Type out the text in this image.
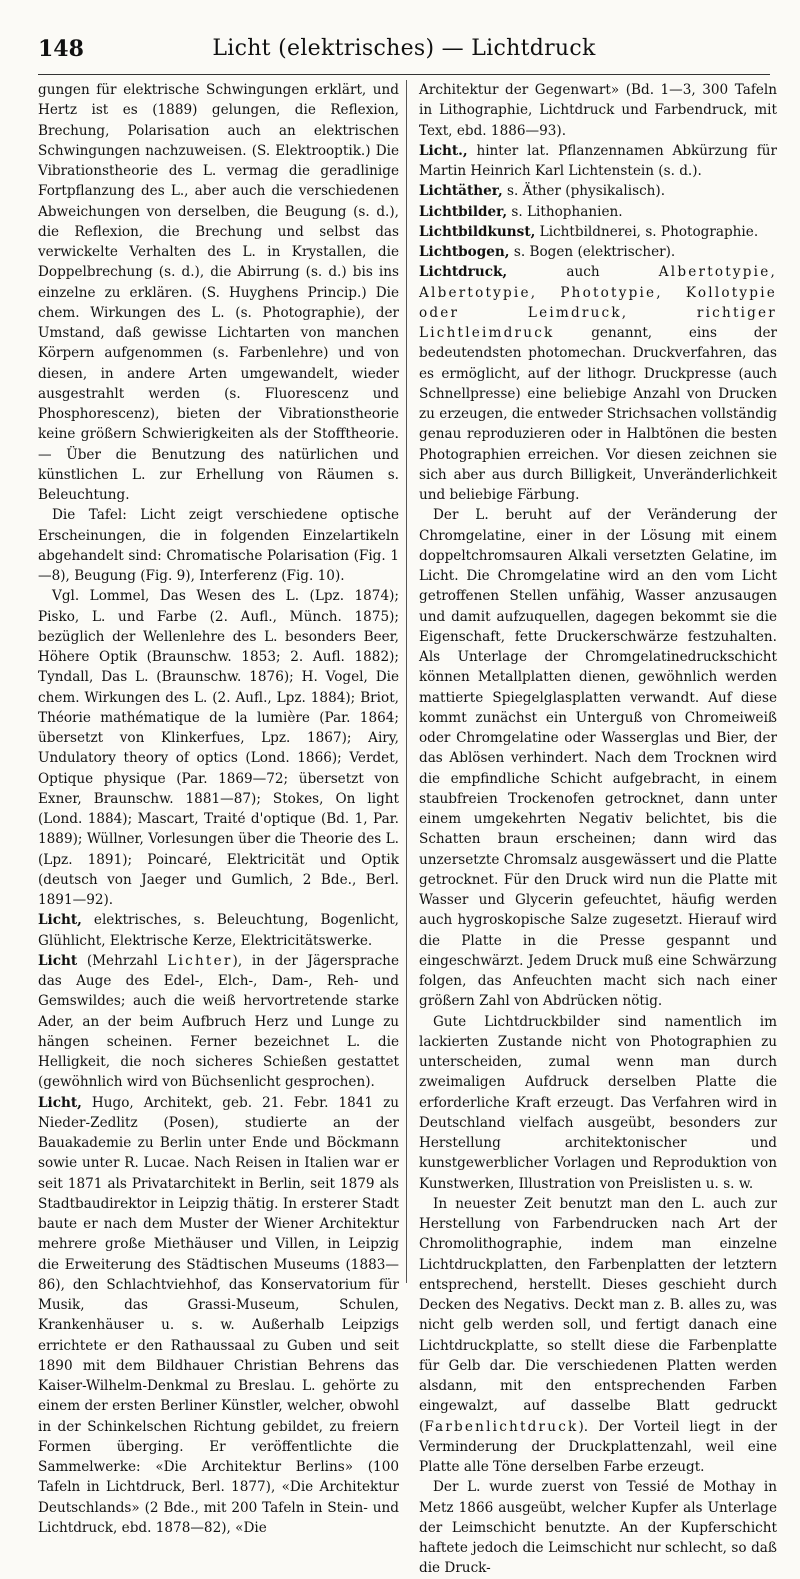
148	Licht (elektrisches) — Lichtdruck

gungen für elektrische Schwingungen erklärt, und Hertz ist es (1889) gelungen, die Reflexion, Brechung, Polarisation auch an elektrischen Schwingungen nachzuweisen. (S. Elektrooptik.) Die Vibrationstheorie des L. vermag die geradlinige Fortpflanzung des L., aber auch die verschiedenen Abweichungen von derselben, die Beugung (s. d.), die Reflexion, die Brechung und selbst das verwickelte Verhalten des L. in Krystallen, die Doppelbrechung (s. d.), die Abirrung (s. d.) bis ins einzelne zu erklären. (S. Huyghens Princip.) Die chem. Wirkungen des L. (s. Photographie), der Umstand, daß gewisse Lichtarten von manchen Körpern aufgenommen (s. Farbenlehre) und von diesen, in andere Arten umgewandelt, wieder ausgestrahlt werden (s. Fluorescenz und Phosphorescenz), bieten der Vibrationstheorie keine größern Schwierigkeiten als der Stofftheorie.— Über die Benutzung des natürlichen und künstlichen L. zur Erhellung von Räumen s. Beleuchtung.

Die Tafel: Licht zeigt verschiedene optische Erscheinungen, die in folgenden Einzelartikeln abgehandelt sind: Chromatische Polarisation (Fig. 1—8), Beugung (Fig. 9), Interferenz (Fig. 10).

Vgl. Lommel, Das Wesen des L. (Lpz. 1874); Pisko, L. und Farbe (2. Aufl., Münch. 1875); bezüglich der Wellenlehre des L. besonders Beer, Höhere Optik (Braunschw. 1853; 2. Aufl. 1882); Tyndall, Das L. (Braunschw. 1876); H. Vogel, Die chem. Wirkungen des L. (2. Aufl., Lpz. 1884); Briot, Théorie mathématique de la lumière (Par. 1864; übersetzt von Klinkerfues, Lpz. 1867); Airy, Undulatory theory of optics (Lond. 1866); Verdet, Optique physique (Par. 1869—72; übersetzt von Exner, Braunschw. 1881—87); Stokes, On light (Lond. 1884); Mascart, Traité d'optique (Bd. 1, Par. 1889); Wüllner, Vorlesungen über die Theorie des L. (Lpz. 1891); Poincaré, Elektricität und Optik (deutsch von Jaeger und Gumlich, 2 Bde., Berl. 1891—92).

Licht, elektrisches, s. Beleuchtung, Bogenlicht, Glühlicht, Elektrische Kerze, Elektricitätswerke.

Licht (Mehrzahl Lichter), in der Jägersprache das Auge des Edel-, Elch-, Dam-, Reh- und Gemswildes; auch die weiß hervortretende starke Ader, an der beim Aufbruch Herz und Lunge zu hängen scheinen. Ferner bezeichnet L. die Helligkeit, die noch sicheres Schießen gestattet (gewöhnlich wird von Büchsenlicht gesprochen).

Licht, Hugo, Architekt, geb. 21. Febr. 1841 zu Nieder-Zedlitz (Posen), studierte an der Bauakademie zu Berlin unter Ende und Böckmann sowie unter R. Lucae. Nach Reisen in Italien war er seit 1871 als Privatarchitekt in Berlin, seit 1879 als Stadtbaudirektor in Leipzig thätig. In ersterer Stadt baute er nach dem Muster der Wiener Architektur mehrere große Miethäuser und Villen, in Leipzig die Erweiterung des Städtischen Museums (1883—86), den Schlachtviehhof, das Konservatorium für Musik, das Grassi-Museum, Schulen, Krankenhäuser u. s. w. Außerhalb Leipzigs errichtete er den Rathaussaal zu Guben und seit 1890 mit dem Bildhauer Christian Behrens das Kaiser-Wilhelm-Denkmal zu Breslau. L. gehörte zu einem der ersten Berliner Künstler, welcher, obwohl in der Schinkelschen Richtung gebildet, zu freiern Formen überging. Er veröffentlichte die Sammelwerke: «Die Architektur Berlins» (100 Tafeln in Lichtdruck, Berl. 1877), «Die Architektur Deutschlands» (2 Bde., mit 200 Tafeln in Stein- und Lichtdruck, ebd. 1878—82), «Die

Architektur der Gegenwart» (Bd. 1—3, 300 Tafeln in Lithographie, Lichtdruck und Farbendruck, mit Text, ebd. 1886—93).

Licht., hinter lat. Pflanzennamen Abkürzung für Martin Heinrich Karl Lichtenstein (s. d.).

Lichtäther, s. Äther (physikalisch).

Lichtbilder, s. Lithophanien.

Lichtbildkunst, Lichtbildnerei, s. Photographie.

Lichtbogen, s. Bogen (elektrischer).

Lichtdruck, auch Albertotypie, Albertotypie, Phototypie, Kollotypie oder Leimdruck, richtiger Lichtleimdruck genannt, eins der bedeutendsten photomechan. Druckverfahren, das es ermöglicht, auf der lithogr. Druckpresse (auch Schnellpresse) eine beliebige Anzahl von Drucken zu erzeugen, die entweder Strichsachen vollständig genau reproduzieren oder in Halbtönen die besten Photographien erreichen. Vor diesen zeichnen sie sich aber aus durch Billigkeit, Unveränderlichkeit und beliebige Färbung.

Der L. beruht auf der Veränderung der Chromgelatine, einer in der Lösung mit einem doppeltchromsauren Alkali versetzten Gelatine, im Licht. Die Chromgelatine wird an den vom Licht getroffenen Stellen unfähig, Wasser anzusaugen und damit aufzuquellen, dagegen bekommt sie die Eigenschaft, fette Druckerschwärze festzuhalten. Als Unterlage der Chromgelatinedruckschicht können Metallplatten dienen, gewöhnlich werden mattierte Spiegelglasplatten verwandt. Auf diese kommt zunächst ein Unterguß von Chromeiweiß oder Chromgelatine oder Wasserglas und Bier, der das Ablösen verhindert. Nach dem Trocknen wird die empfindliche Schicht aufgebracht, in einem staubfreien Trockenofen getrocknet, dann unter einem umgekehrten Negativ belichtet, bis die Schatten braun erscheinen; dann wird das unzersetzte Chromsalz ausgewässert und die Platte getrocknet. Für den Druck wird nun die Platte mit Wasser und Glycerin gefeuchtet, häufig werden auch hygroskopische Salze zugesetzt. Hierauf wird die Platte in die Presse gespannt und eingeschwärzt. Jedem Druck muß eine Schwärzung folgen, das Anfeuchten macht sich nach einer größern Zahl von Abdrücken nötig.

Gute Lichtdruckbilder sind namentlich im lackierten Zustande nicht von Photographien zu unterscheiden, zumal wenn man durch zweimaligen Aufdruck derselben Platte die erforderliche Kraft erzeugt. Das Verfahren wird in Deutschland vielfach ausgeübt, besonders zur Herstellung architektonischer und kunstgewerblicher Vorlagen und Reproduktion von Kunstwerken, Illustration von Preislisten u. s. w.

In neuester Zeit benutzt man den L. auch zur Herstellung von Farbendrucken nach Art der Chromolithographie, indem man einzelne Lichtdruckplatten, den Farbenplatten der letztern entsprechend, herstellt. Dieses geschieht durch Decken des Negativs. Deckt man z. B. alles zu, was nicht gelb werden soll, und fertigt danach eine Lichtdruckplatte, so stellt diese die Farbenplatte für Gelb dar. Die verschiedenen Platten werden alsdann, mit den entsprechenden Farben eingewalzt, auf dasselbe Blatt gedruckt (Farbenlichtdruck). Der Vorteil liegt in der Verminderung der Druckplattenzahl, weil eine Platte alle Töne derselben Farbe erzeugt.

Der L. wurde zuerst von Tessié de Mothay in Metz 1866 ausgeübt, welcher Kupfer als Unterlage der Leimschicht benutzte. An der Kupferschicht haftete jedoch die Leimschicht nur schlecht, so daß die Druck-
